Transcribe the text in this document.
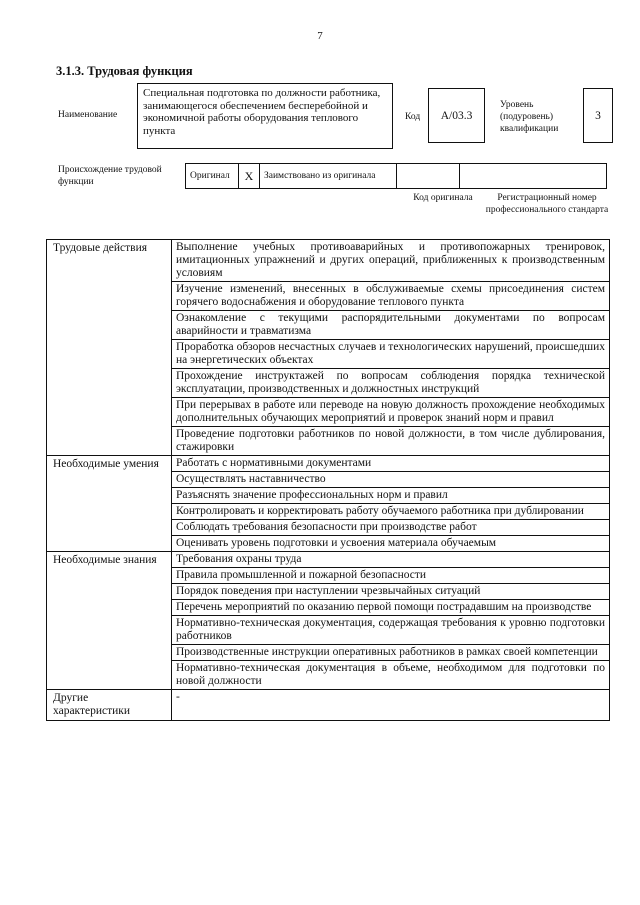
7
3.1.3. Трудовая функция
Наименование
Специальная подготовка по должности работника, занимающегося обеспечением бесперебойной и экономичной работы оборудования теплового пункта
Код	А/03.3
Уровень (подуровень) квалификации
3
Происхождение трудовой функции
Оригинал	X	Заимствовано из оригинала
Код оригинала	Регистрационный номер профессионального стандарта
Трудовые действия	Выполнение учебных противоаварийных и противопожарных тренировок, имитационных упражнений и других операций, приближенных к производственным условиям
	Изучение изменений, внесенных в обслуживаемые схемы присоединения систем горячего водоснабжения и оборудование теплового пункта
	Ознакомление с текущими распорядительными документами по вопросам аварийности и травматизма
	Проработка обзоров несчастных случаев и технологических нарушений, происшедших на энергетических объектах
	Прохождение инструктажей по вопросам соблюдения порядка технической эксплуатации, производственных и должностных инструкций
	При перерывах в работе или переводе на новую должность прохождение необходимых дополнительных обучающих мероприятий и проверок знаний норм и правил
	Проведение подготовки работников по новой должности, в том числе дублирования, стажировки
Необходимые умения	Работать с нормативными документами
	Осуществлять наставничество
	Разъяснять значение профессиональных норм и правил
	Контролировать и корректировать работу обучаемого работника при дублировании
	Соблюдать требования безопасности при производстве работ
	Оценивать уровень подготовки и усвоения материала обучаемым
Необходимые знания	Требования охраны труда
	Правила промышленной и пожарной безопасности
	Порядок поведения при наступлении чрезвычайных ситуаций
	Перечень мероприятий по оказанию первой помощи пострадавшим на производстве
	Нормативно-техническая документация, содержащая требования к уровню подготовки работников
	Производственные инструкции оперативных работников в рамках своей компетенции
	Нормативно-техническая документация в объеме, необходимом для подготовки по новой должности
Другие характеристики	-
